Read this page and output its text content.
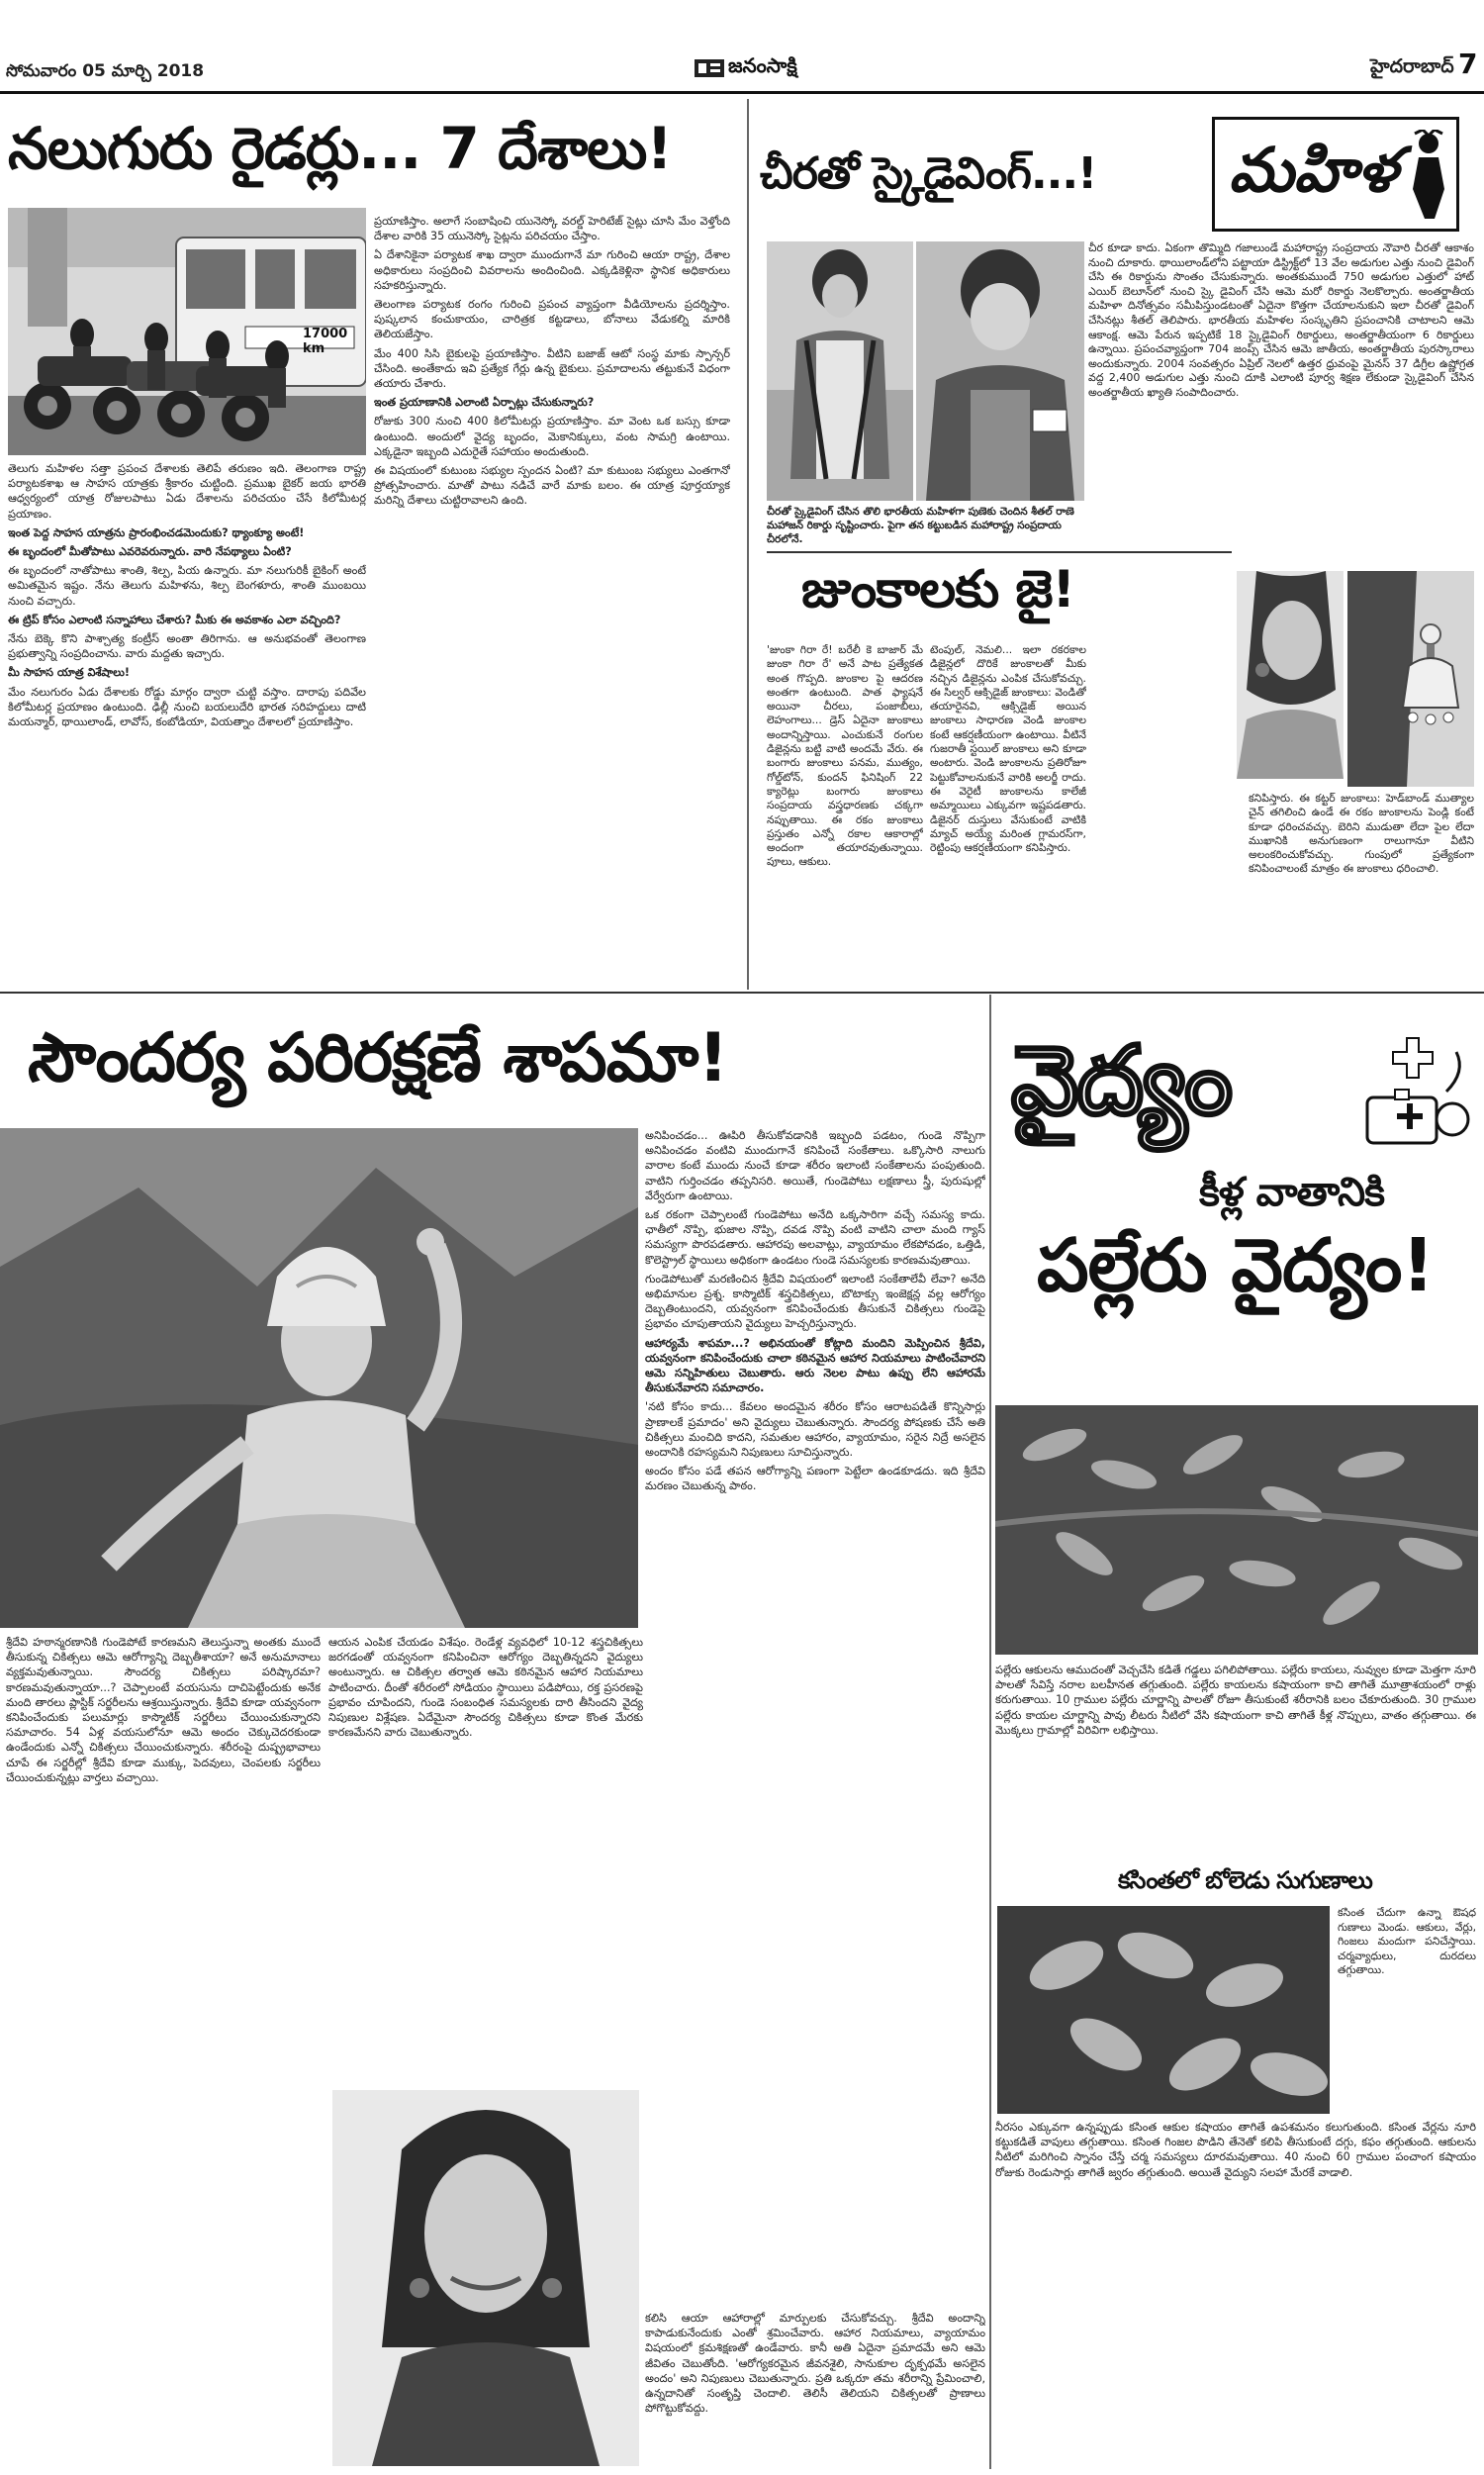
సోమవారం 05 మార్చి 2018	జనంసాక్షి	హైదరాబాద్ 7
నలుగురు రైడర్లు... 7 దేశాలు!
17000 km

తెలుగు మహిళల సత్తా ప్రపంచ దేశాలకు తెలిపే తరుణం ఇది. తెలంగాణ రాష్ట్ర పర్యాటకశాఖ ఆ సాహస యాత్రకు శ్రీకారం చుట్టింది. ప్రముఖ బైకర్ జయ భారతి ఆధ్వర్యంలో యాత్ర రోజులపాటు ఏడు దేశాలను పరిచయం చేసే కిలోమీటర్ల ప్రయాణం.

ఇంత పెద్ద సాహస యాత్రను ప్రారంభించడమెందుకు? థ్యాంక్యూ అంటే!

ఈ బృందంలో మీతోపాటు ఎవరెవరున్నారు. వారి నేపథ్యాలు ఏంటి?

ఈ బృందంలో నాతోపాటు శాంతి, శిల్ప, పియ ఉన్నారు. మా నలుగురికీ బైకింగ్ అంటే అమితమైన ఇష్టం. నేను తెలుగు మహిళను, శిల్ప బెంగళూరు, శాంతి ముంబయి నుంచి వచ్చారు.

ఈ ట్రిప్ కోసం ఎలాంటి సన్నాహాలు చేశారు? మీకు ఈ అవకాశం ఎలా వచ్చింది?

నేను బెక్కె కొని పాశ్చాత్య కంట్రీస్ అంతా తిరిగాను. ఆ అనుభవంతో తెలంగాణ ప్రభుత్వాన్ని సంప్రదించాను. వారు మద్దతు ఇచ్చారు.

మీ సాహస యాత్ర విశేషాలు!

మేం నలుగురం ఏడు దేశాలకు రోడ్డు మార్గం ద్వారా చుట్టి వస్తాం. దారాపు పదివేల కిలోమీటర్ల ప్రయాణం ఉంటుంది. ఢిల్లీ నుంచి బయలుదేరి భారత సరిహద్దులు దాటి మయన్మార్, థాయిలాండ్, లావోస్, కంబోడియా, వియత్నాం దేశాలలో ప్రయాణిస్తాం.

ప్రయాణిస్తాం. అలాగే సంబాషించి యునెస్కో వరల్డ్ హెరిటేజ్ సైట్లు చూసి మేం వెళ్తోంది దేశాల వారికి 35 యునెస్కో సైట్లను పరిచయం చేస్తాం.

ఏ దేశానికైనా పర్యాటక శాఖ ద్వారా ముందుగానే మా గురించి ఆయా రాష్ట్ర, దేశాల అధికారులు సంప్రదించి వివరాలను అందించింది. ఎక్కడికెళ్లినా స్థానిక అధికారులు సహకరిస్తున్నారు.

తెలంగాణ పర్యాటక రంగం గురించి ప్రపంచ వ్యాప్తంగా వీడియోలను ప్రదర్శిస్తాం. పుష్కలాన కంచుకాయం, చారిత్రక కట్టడాలు, బోనాలు వేడుకల్ని మారికి తెలియజేస్తాం.

మేం 400 సిసి బైకులపై ప్రయాణిస్తాం. వీటిని బజాజ్ ఆటో సంస్థ మాకు స్పాన్సర్ చేసింది. అంతేకాదు ఇవి ప్రత్యేక గేర్లు ఉన్న బైకులు. ప్రమాదాలను తట్టుకునే విధంగా తయారు చేశారు.

ఇంత ప్రయాణానికి ఎలాంటి ఏర్పాట్లు చేసుకున్నారు?

రోజుకు 300 నుంచి 400 కిలోమీటర్లు ప్రయాణిస్తాం. మా వెంట ఒక బస్సు కూడా ఉంటుంది. అందులో వైద్య బృందం, మెకానిక్కులు, వంట సామగ్రి ఉంటాయి. ఎక్కడైనా ఇబ్బంది ఎదురైతే సహాయం అందుతుంది.

ఈ విషయంలో కుటుంబ సభ్యుల స్పందన ఏంటి? మా కుటుంబ సభ్యులు ఎంతగానో ప్రోత్సహించారు. మాతో పాటు నడిచే వారే మాకు బలం. ఈ యాత్ర పూర్తయ్యాక మరిన్ని దేశాలు చుట్టిరావాలని ఉంది.

చీరతో స్కైడైవింగ్...! మహిళ
చీర కూడా కాదు. ఏకంగా తొమ్మిది గజాలుండే మహారాష్ట్ర సంప్రదాయ నౌవారి చీరతో ఆకాశం నుంచి దూకారు. థాయిలాండ్‌లోని పట్టాయా డిస్ట్రిక్ట్‌లో 13 వేల అడుగుల ఎత్తు నుంచి డైవింగ్ చేసి ఈ రికార్డును సొంతం చేసుకున్నారు. అంతకుముందే 750 అడుగుల ఎత్తులో హాట్ ఎయిర్ బెలూన్‌లో నుంచి స్కై డైవింగ్ చేసి ఆమె మరో రికార్డు నెలకొల్పారు. అంతర్జాతీయ మహిళా దినోత్సవం సమీపిస్తుండటంతో ఏదైనా కొత్తగా చేయాలనుకుని ఇలా చీరతో డైవింగ్ చేసినట్లు శీతల్ తెలిపారు. భారతీయ మహిళల సంస్కృతిని ప్రపంచానికి చాటాలని ఆమె ఆకాంక్ష. ఆమె పేరున ఇప్పటికే 18 స్కైడైవింగ్ రికార్డులు, అంతర్జాతీయంగా 6 రికార్డులు ఉన్నాయి. ప్రపంచవ్యాప్తంగా 704 జంప్స్ చేసిన ఆమె జాతీయ, అంతర్జాతీయ పురస్కారాలు అందుకున్నారు. 2004 సంవత్సరం ఏప్రిల్ నెలలో ఉత్తర ధ్రువంపై మైనస్ 37 డిగ్రీల ఉష్ణోగ్రత వద్ద 2,400 అడుగుల ఎత్తు నుంచి దూకి ఎలాంటి పూర్వ శిక్షణ లేకుండా స్కైడైవింగ్ చేసిన అంతర్జాతీయ ఖ్యాతి సంపాదించారు.
చీరతో స్కైడైవింగ్ చేసిన తొలి భారతీయ మహిళగా పుణెకు చెందిన శీతల్ రాణె మహాజన్ రికార్డు సృష్టించారు. పైగా తన కట్టుబడిన మహారాష్ట్ర సంప్రదాయ చీరలోనే.
జుంకాలకు జై!
'జుంకా గిరా రే! బరేలీ కె బాజార్ మే జుంకా గిరా రే' అనే పాట ప్రత్యేకత అంత గొప్పది. జుంకాల పై ఆదరణ అంతగా ఉంటుంది. పాత ఫ్యాషనే అయినా చీరలు, పంజాబీలు, లెహంగాలు... డ్రెస్ ఏదైనా జుంకాలు అందాన్నిస్తాయి. ఎంచుకునే రంగుల డిజైన్లను బట్టి వాటి అందమే వేరు. ఈ బంగారు జుంకాలు పనమ, ముత్యం, గోల్డ్‌టోన్, కుందన్ ఫినిషింగ్ 22 క్యారెట్లు బంగారు జుంకాలు సంప్రదాయ వస్త్రధారణకు చక్కగా నప్పుతాయి. ఈ రకం జుంకాలు ప్రస్తుతం ఎన్నో రకాల ఆకారాల్లో అందంగా తయారవుతున్నాయి. పూలు, ఆకులు.
టెంపుల్, నెమలి... ఇలా రకరకాల డిజైన్లలో దొరికే జుంకాలతో మీకు నచ్చిన డిజైన్లను ఎంపిక చేసుకోవచ్చు. ఈ సిల్వర్ ఆక్సిడైజ్ జుంకాలు: వెండితో తయారైనవి, ఆక్సిడైజ్ అయిన జుంకాలు సాధారణ వెండి జుంకాల కంటే ఆకర్షణీయంగా ఉంటాయి. వీటినే గుజరాతీ స్టయిల్ జుంకాలు అని కూడా అంటారు. వెండి జుంకాలను ప్రతిరోజూ పెట్టుకోవాలనుకునే వారికి అలర్జీ రాదు. ఈ వెరైటీ జుంకాలను కాలేజీ అమ్మాయిలు ఎక్కువగా ఇష్టపడతారు. డిజైనర్ దుస్తులు వేసుకుంటే వాటికి మ్యాచ్ అయ్యే మరింత గ్లామరస్‌గా, రెట్టింపు ఆకర్షణీయంగా కనిపిస్తారు.
కనిపిస్తారు. ఈ కట్టర్ జుంకాలు: హెడ్‌బాండ్ ముత్యాల చైన్ తగిలించి ఉండే ఈ రకం జుంకాలను పెండ్లి కంటే కూడా ధరించవచ్చు. బెరిని ముడుతా లేదా పైల లేదా ముఖానికి అనుగుణంగా రాలుగానూ వీటిని అలంకరించుకోవచ్చు. గుంపులో ప్రత్యేకంగా కనిపించాలంటే మాత్రం ఈ జుంకాలు ధరించాలి.
సౌందర్య పరిరక్షణే శాపమా!

అనిపించడం... ఊపిరి తీసుకోవడానికి ఇబ్బంది పడటం, గుండె నొప్పిగా అనిపించడం వంటివి ముందుగానే కనిపించే సంకేతాలు. ఒక్కొసారి నాలుగు వారాల కంటే ముందు నుంచే కూడా శరీరం ఇలాంటి సంకేతాలను పంపుతుంది. వాటిని గుర్తించడం తప్పనిసరి. అయితే, గుండెపోటు లక్షణాలు స్త్రీ, పురుషుల్లో వేర్వేరుగా ఉంటాయి.

ఒక రకంగా చెప్పాలంటే గుండెపోటు అనేది ఒక్కసారిగా వచ్చే సమస్య కాదు. ఛాతీలో నొప్పి, భుజాల నొప్పి, దవడ నొప్పి వంటి వాటిని చాలా మంది గ్యాస్ సమస్యగా పొరపడతారు. ఆహారపు అలవాట్లు, వ్యాయామం లేకపోవడం, ఒత్తిడి, కొలెస్ట్రాల్ స్థాయిలు అధికంగా ఉండటం గుండె సమస్యలకు కారణమవుతాయి.

గుండెపోటుతో మరణించిన శ్రీదేవి విషయంలో ఇలాంటి సంకేతాలేవీ లేవా? అనేది అభిమానుల ప్రశ్న. కాస్మొటిక్ శస్త్రచికిత్సలు, బొటాక్సు ఇంజెక్షన్ల వల్ల ఆరోగ్యం దెబ్బతింటుందని, యవ్వనంగా కనిపించేందుకు తీసుకునే చికిత్సలు గుండెపై ప్రభావం చూపుతాయని వైద్యులు హెచ్చరిస్తున్నారు.

ఆహార్యమే శాపమా...? అభినయంతో కోట్లాది మందిని మెప్పించిన శ్రీదేవి, యవ్వనంగా కనిపించేందుకు చాలా కఠినమైన ఆహార నియమాలు పాటించేవారని ఆమె సన్నిహితులు చెబుతారు. ఆరు నెలల పాటు ఉప్పు లేని ఆహారమే తీసుకునేవారని సమాచారం.

'నటి కోసం కాదు... కేవలం అందమైన శరీరం కోసం ఆరాటపడితే కొన్నిసార్లు ప్రాణాలకే ప్రమాదం' అని వైద్యులు చెబుతున్నారు. సౌందర్య పోషణకు చేసే అతి చికిత్సలు మంచిది కాదని, సమతుల ఆహారం, వ్యాయామం, సరైన నిద్రే అసలైన అందానికి రహస్యమని నిపుణులు సూచిస్తున్నారు.

అందం కోసం పడే తపన ఆరోగ్యాన్ని పణంగా పెట్టేలా ఉండకూడదు. ఇది శ్రీదేవి మరణం చెబుతున్న పాఠం.

శ్రీదేవి హఠాన్మరణానికి గుండెపోటే కారణమని తెలుస్తున్నా అంతకు ముందే తీసుకున్న చికిత్సలు ఆమె ఆరోగ్యాన్ని దెబ్బతీశాయా? అనే అనుమానాలు వ్యక్తమవుతున్నాయి. సౌందర్య చికిత్సలు పరిష్కారమా? కారణమవుతున్నాయా...? చెప్పాలంటే వయసును దాచిపెట్టేందుకు అనేక మంది తారలు ప్లాస్టిక్ సర్జరీలను ఆశ్రయిస్తున్నారు. శ్రీదేవి కూడా యవ్వనంగా కనిపించేందుకు పలుమార్లు కాస్మొటిక్ సర్జరీలు చేయించుకున్నారని సమాచారం. 54 ఏళ్ల వయసులోనూ ఆమె అందం చెక్కుచెదరకుండా ఉండేందుకు ఎన్నో చికిత్సలు చేయించుకున్నారు. శరీరంపై దుష్ప్రభావాలు చూపే ఈ సర్జరీల్లో శ్రీదేవి కూడా ముక్కు, పెదవులు, చెంపలకు సర్జరీలు చేయించుకున్నట్లు వార్తలు వచ్చాయి.
ఆయన ఎంపిక చేయడం విశేషం. రెండేళ్ల వ్యవధిలో 10-12 శస్త్రచికిత్సలు జరగడంతో యవ్వనంగా కనిపించినా ఆరోగ్యం దెబ్బతిన్నదని వైద్యులు అంటున్నారు. ఆ చికిత్సల తర్వాత ఆమె కఠినమైన ఆహార నియమాలు పాటించారు. దీంతో శరీరంలో సోడియం స్థాయిలు పడిపోయి, రక్త ప్రసరణపై ప్రభావం చూపిందని, గుండె సంబంధిత సమస్యలకు దారి తీసిందని వైద్య నిపుణుల విశ్లేషణ. ఏదేమైనా సౌందర్య చికిత్సలు కూడా కొంత మేరకు కారణమేనని వారు చెబుతున్నారు.
కలిసి ఆయా ఆహారాల్లో మార్పులకు చేసుకోవచ్చు. శ్రీదేవి అందాన్ని కాపాడుకునేందుకు ఎంతో శ్రమించేవారు. ఆహార నియమాలు, వ్యాయామం విషయంలో క్రమశిక్షణతో ఉండేవారు. కానీ అతి ఏదైనా ప్రమాదమే అని ఆమె జీవితం చెబుతోంది. 'ఆరోగ్యకరమైన జీవనశైలి, సానుకూల దృక్పథమే అసలైన అందం' అని నిపుణులు చెబుతున్నారు. ప్రతి ఒక్కరూ తమ శరీరాన్ని ప్రేమించాలి, ఉన్నదానితో సంతృప్తి చెందాలి. తెలిసీ తెలియని చికిత్సలతో ప్రాణాలు పోగొట్టుకోవద్దు.
వైద్యం
కీళ్ల వాతానికి
పల్లేరు వైద్యం!
పల్లేరు ఆకులను ఆముదంతో వెచ్చచేసి కడితే గడ్డలు పగిలిపోతాయి. పల్లేరు కాయలు, నువ్వుల కూడా మెత్తగా నూరి పాలతో సేవిస్తే నరాల బలహీనత తగ్గుతుంది. పల్లేరు కాయలను కషాయంగా కాచి తాగితే మూత్రాశయంలో రాళ్లు కరుగుతాయి. 10 గ్రాముల పల్లేరు చూర్ణాన్ని పాలతో రోజూ తీసుకుంటే శరీరానికి బలం చేకూరుతుంది. 30 గ్రాముల పల్లేరు కాయల చూర్ణాన్ని పావు లీటరు నీటిలో వేసి కషాయంగా కాచి తాగితే కీళ్ల నొప్పులు, వాతం తగ్గుతాయి. ఈ మొక్కలు గ్రామాల్లో విరివిగా లభిస్తాయి.
కసింతలో బోలెడు సుగుణాలు
కసింత చేదుగా ఉన్నా ఔషధ గుణాలు మెండు. ఆకులు, వేర్లు, గింజలు మందుగా పనిచేస్తాయి. చర్మవ్యాధులు, దురదలు తగ్గుతాయి.
నీరసం ఎక్కువగా ఉన్నప్పుడు కసింత ఆకుల కషాయం తాగితే ఉపశమనం కలుగుతుంది. కసింత వేర్లను నూరి కట్టుకడితే వాపులు తగ్గుతాయి. కసింత గింజల పొడిని తేనెతో కలిపి తీసుకుంటే దగ్గు, కఫం తగ్గుతుంది. ఆకులను నీటిలో మరిగించి స్నానం చేస్తే చర్మ సమస్యలు దూరమవుతాయి. 40 నుంచి 60 గ్రాముల పంచాంగ కషాయం రోజుకు రెండుసార్లు తాగితే జ్వరం తగ్గుతుంది. అయితే వైద్యుని సలహా మేరకే వాడాలి.
